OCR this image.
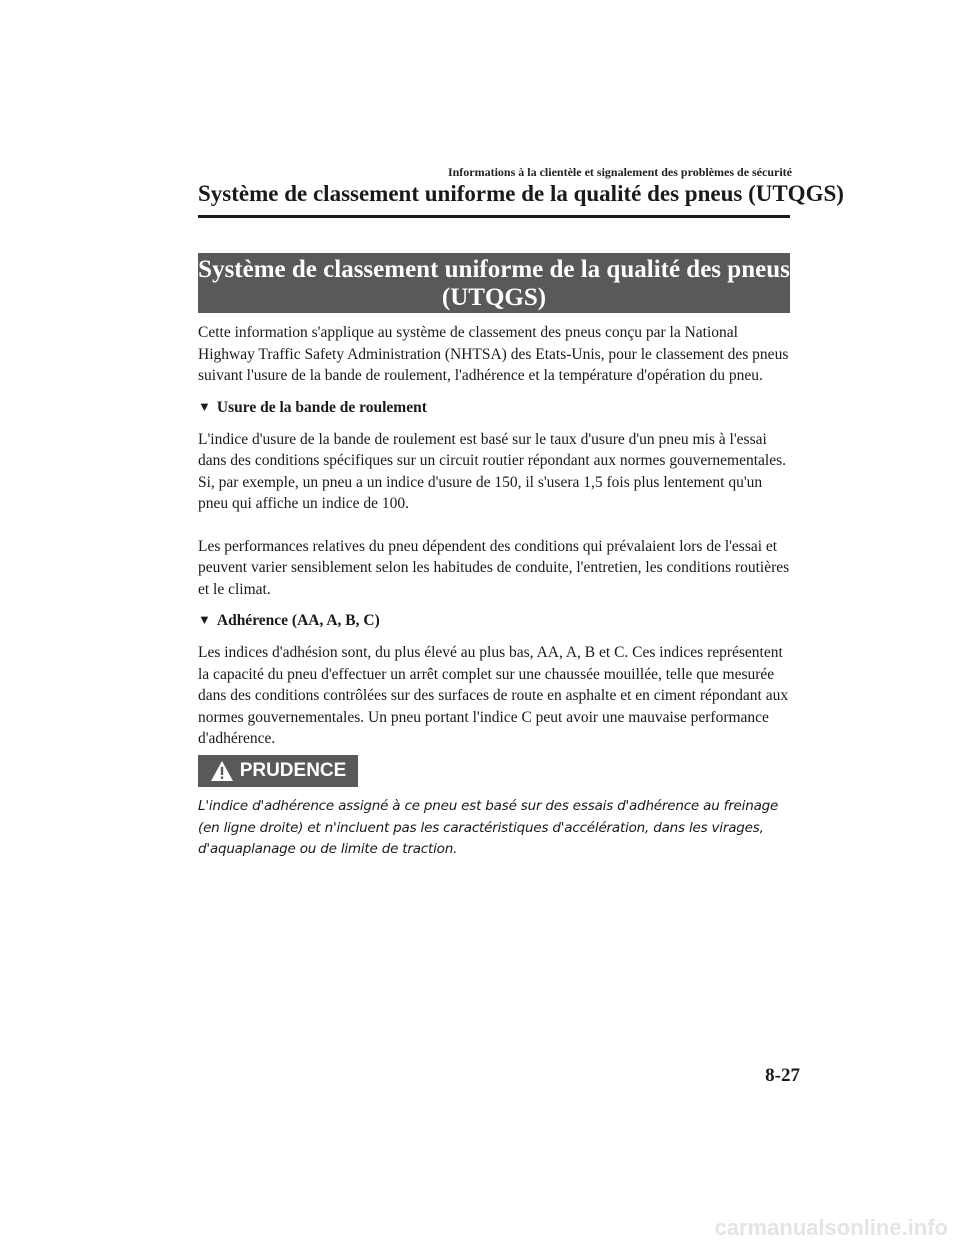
Informations à la clientèle et signalement des problèmes de sécurité
Système de classement uniforme de la qualité des pneus (UTQGS)
Système de classement uniforme de la qualité des pneus
(UTQGS)

Cette information s'applique au système de classement des pneus conçu par la National Highway Traffic Safety Administration (NHTSA) des Etats-Unis, pour le classement des pneus suivant l'usure de la bande de roulement, l'adhérence et la température d'opération du pneu.

▼ Usure de la bande de roulement

L'indice d'usure de la bande de roulement est basé sur le taux d'usure d'un pneu mis à l'essai dans des conditions spécifiques sur un circuit routier répondant aux normes gouvernementales.

Si, par exemple, un pneu a un indice d'usure de 150, il s'usera 1,5 fois plus lentement qu'un pneu qui affiche un indice de 100.

Les performances relatives du pneu dépendent des conditions qui prévalaient lors de l'essai et peuvent varier sensiblement selon les habitudes de conduite, l'entretien, les conditions routières et le climat.

▼ Adhérence (AA, A, B, C)

Les indices d'adhésion sont, du plus élevé au plus bas, AA, A, B et C. Ces indices représentent la capacité du pneu d'effectuer un arrêt complet sur une chaussée mouillée, telle que mesurée dans des conditions contrôlées sur des surfaces de route en asphalte et en ciment répondant aux normes gouvernementales. Un pneu portant l'indice C peut avoir une mauvaise performance d'adhérence.

PRUDENCE
L'indice d'adhérence assigné à ce pneu est basé sur des essais d'adhérence au freinage (en ligne droite) et n'incluent pas les caractéristiques d'accélération, dans les virages, d'aquaplanage ou de limite de traction.
8-27
carmanualsonline.info
